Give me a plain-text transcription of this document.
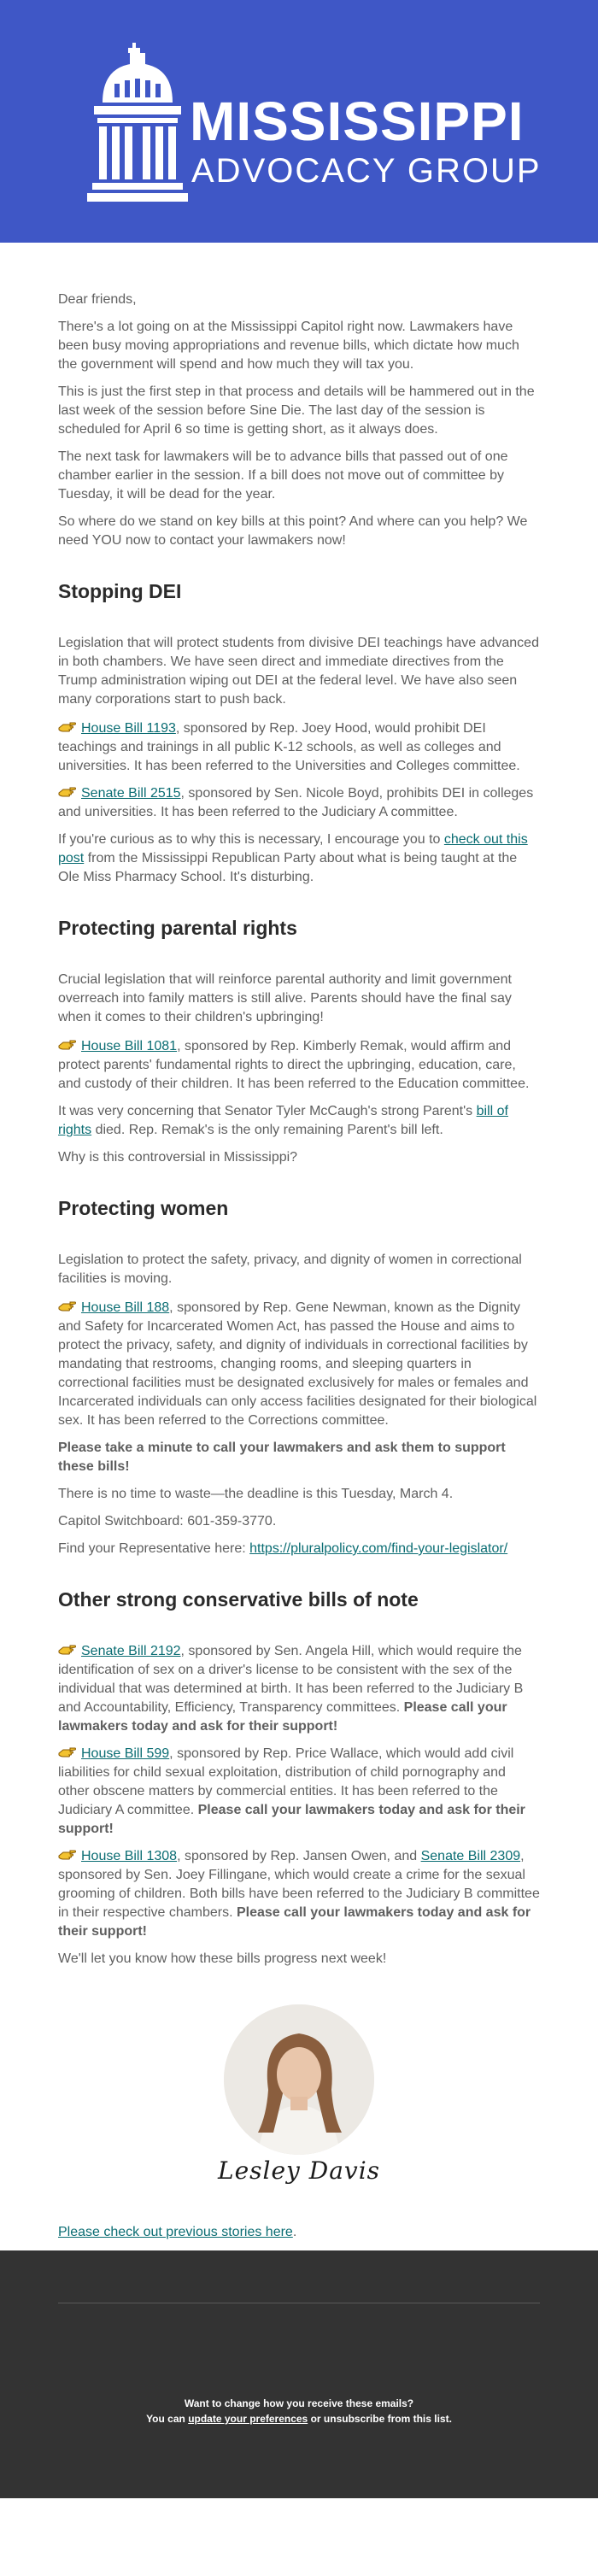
MISSISSIPPI
ADVOCACY GROUP

Dear friends,

There's a lot going on at the Mississippi Capitol right now. Lawmakers have been busy moving appropriations and revenue bills, which dictate how much the government will spend and how much they will tax you.

This is just the first step in that process and details will be hammered out in the last week of the session before Sine Die. The last day of the session is scheduled for April 6 so time is getting short, as it always does.

The next task for lawmakers will be to advance bills that passed out of one chamber earlier in the session. If a bill does not move out of committee by Tuesday, it will be dead for the year.

So where do we stand on key bills at this point? And where can you help? We need YOU now to contact your lawmakers now!

Stopping DEI

Legislation that will protect students from divisive DEI teachings have advanced in both chambers. We have seen direct and immediate directives from the Trump administration wiping out DEI at the federal level. We have also seen many corporations start to push back.

House Bill 1193, sponsored by Rep. Joey Hood, would prohibit DEI teachings and trainings in all public K-12 schools, as well as colleges and universities. It has been referred to the Universities and Colleges committee.

Senate Bill 2515, sponsored by Sen. Nicole Boyd, prohibits DEI in colleges and universities. It has been referred to the Judiciary A committee.

If you're curious as to why this is necessary, I encourage you to check out this post from the Mississippi Republican Party about what is being taught at the Ole Miss Pharmacy School. It's disturbing.

Protecting parental rights

Crucial legislation that will reinforce parental authority and limit government overreach into family matters is still alive. Parents should have the final say when it comes to their children's upbringing!

House Bill 1081, sponsored by Rep. Kimberly Remak, would affirm and protect parents' fundamental rights to direct the upbringing, education, care, and custody of their children. It has been referred to the Education committee.

It was very concerning that Senator Tyler McCaugh's strong Parent's bill of rights died. Rep. Remak's is the only remaining Parent's bill left.

Why is this controversial in Mississippi?

Protecting women

Legislation to protect the safety, privacy, and dignity of women in correctional facilities is moving.

House Bill 188, sponsored by Rep. Gene Newman, known as the Dignity and Safety for Incarcerated Women Act, has passed the House and aims to protect the privacy, safety, and dignity of individuals in correctional facilities by mandating that restrooms, changing rooms, and sleeping quarters in correctional facilities must be designated exclusively for males or females and Incarcerated individuals can only access facilities designated for their biological sex. It has been referred to the Corrections committee.

Please take a minute to call your lawmakers and ask them to support these bills!

There is no time to waste—the deadline is this Tuesday, March 4.

Capitol Switchboard: 601-359-3770.

Find your Representative here: https://pluralpolicy.com/find-your-legislator/

Other strong conservative bills of note

Senate Bill 2192, sponsored by Sen. Angela Hill, which would require the identification of sex on a driver's license to be consistent with the sex of the individual that was determined at birth. It has been referred to the Judiciary B and Accountability, Efficiency, Transparency committees. Please call your lawmakers today and ask for their support!

House Bill 599, sponsored by Rep. Price Wallace, which would add civil liabilities for child sexual exploitation, distribution of child pornography and other obscene matters by commercial entities. It has been referred to the Judiciary A committee. Please call your lawmakers today and ask for their support!

House Bill 1308, sponsored by Rep. Jansen Owen, and Senate Bill 2309, sponsored by Sen. Joey Fillingane, which would create a crime for the sexual grooming of children. Both bills have been referred to the Judiciary B committee in their respective chambers. Please call your lawmakers today and ask for their support!

We'll let you know how these bills progress next week!

Lesley Davis

Please check out previous stories here.

Want to change how you receive these emails?
You can update your preferences or unsubscribe from this list.
